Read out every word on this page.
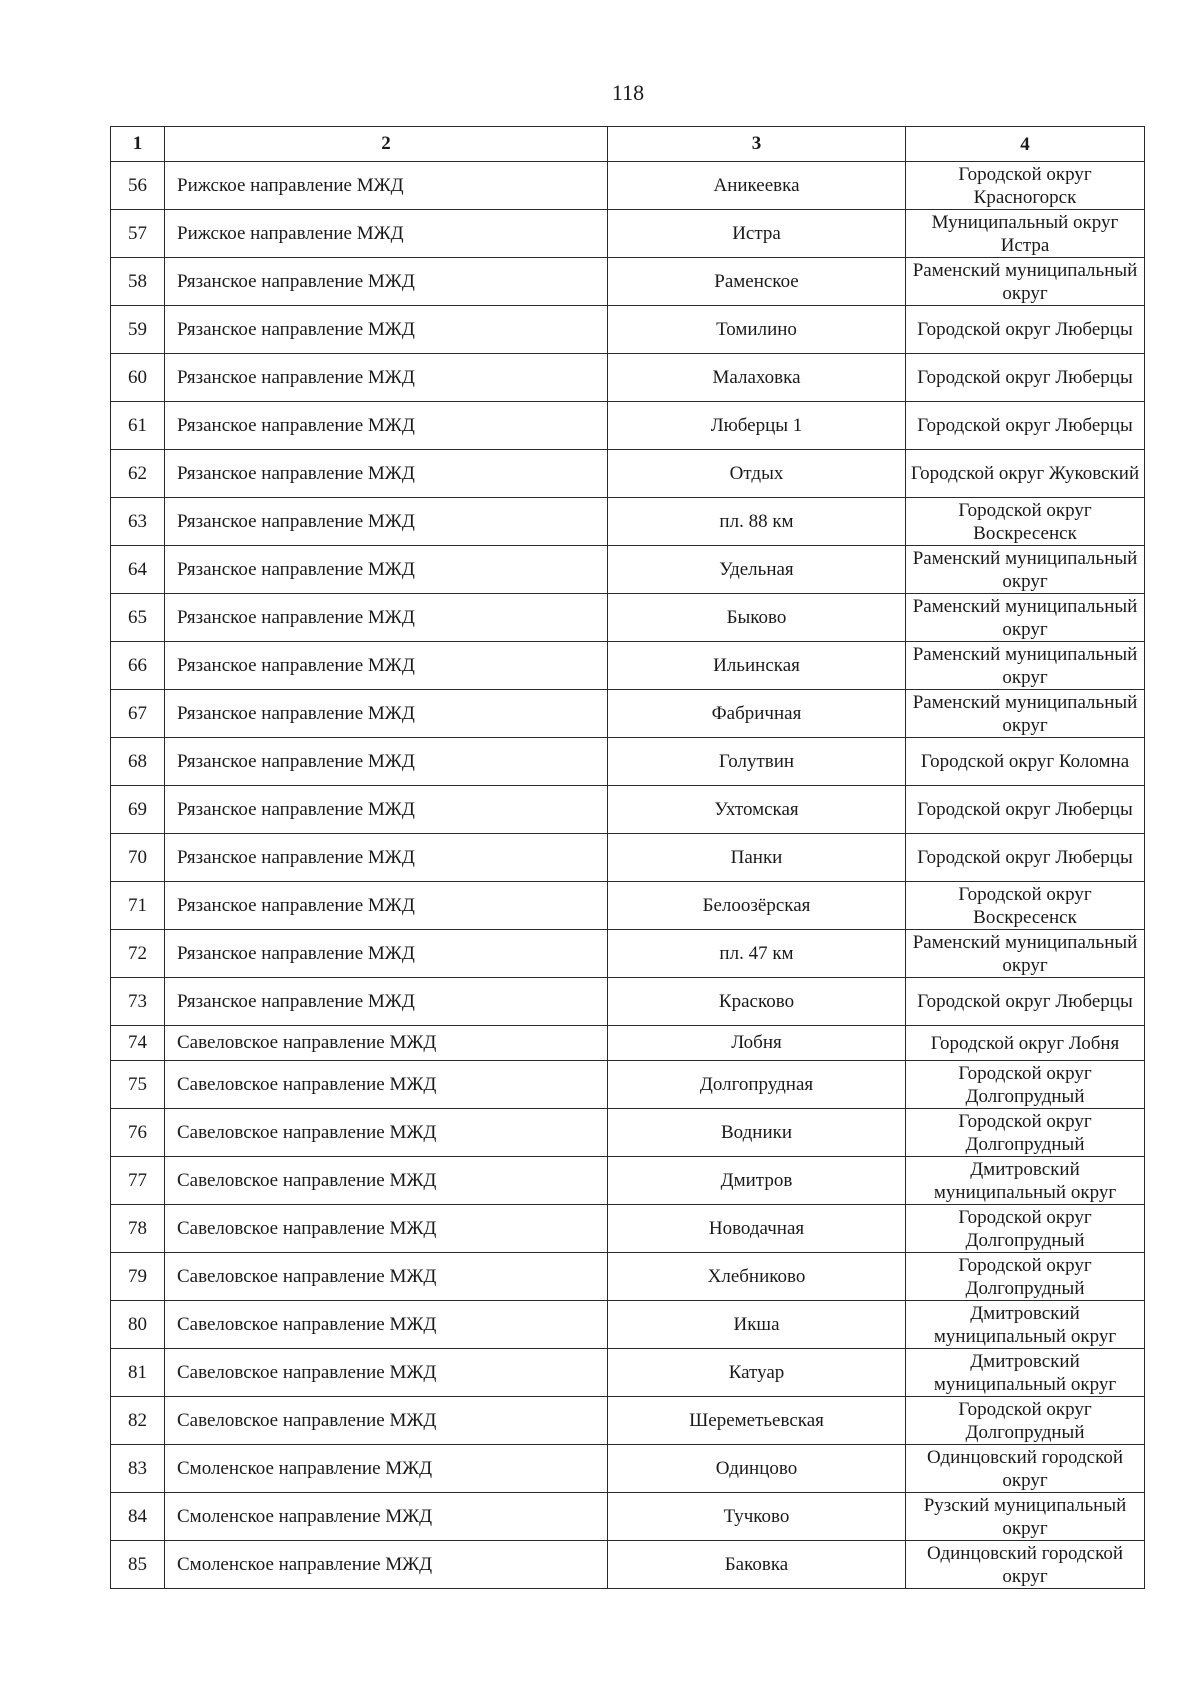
118
1	2	3	4
56	Рижское направление МЖД	Аникеевка	Городской округ Красногорск
57	Рижское направление МЖД	Истра	Муниципальный округ Истра
58	Рязанское направление МЖД	Раменское	Раменский муниципальный округ
59	Рязанское направление МЖД	Томилино	Городской округ Люберцы
60	Рязанское направление МЖД	Малаховка	Городской округ Люберцы
61	Рязанское направление МЖД	Люберцы 1	Городской округ Люберцы
62	Рязанское направление МЖД	Отдых	Городской округ Жуковский
63	Рязанское направление МЖД	пл. 88 км	Городской округ Воскресенск
64	Рязанское направление МЖД	Удельная	Раменский муниципальный округ
65	Рязанское направление МЖД	Быково	Раменский муниципальный округ
66	Рязанское направление МЖД	Ильинская	Раменский муниципальный округ
67	Рязанское направление МЖД	Фабричная	Раменский муниципальный округ
68	Рязанское направление МЖД	Голутвин	Городской округ Коломна
69	Рязанское направление МЖД	Ухтомская	Городской округ Люберцы
70	Рязанское направление МЖД	Панки	Городской округ Люберцы
71	Рязанское направление МЖД	Белоозёрская	Городской округ Воскресенск
72	Рязанское направление МЖД	пл. 47 км	Раменский муниципальный округ
73	Рязанское направление МЖД	Красково	Городской округ Люберцы
74	Савеловское направление МЖД	Лобня	Городской округ Лобня
75	Савеловское направление МЖД	Долгопрудная	Городской округ Долгопрудный
76	Савеловское направление МЖД	Водники	Городской округ Долгопрудный
77	Савеловское направление МЖД	Дмитров	Дмитровский муниципальный округ
78	Савеловское направление МЖД	Новодачная	Городской округ Долгопрудный
79	Савеловское направление МЖД	Хлебниково	Городской округ Долгопрудный
80	Савеловское направление МЖД	Икша	Дмитровский муниципальный округ
81	Савеловское направление МЖД	Катуар	Дмитровский муниципальный округ
82	Савеловское направление МЖД	Шереметьевская	Городской округ Долгопрудный
83	Смоленское направление МЖД	Одинцово	Одинцовский городской округ
84	Смоленское направление МЖД	Тучково	Рузский муниципальный округ
85	Смоленское направление МЖД	Баковка	Одинцовский городской округ
